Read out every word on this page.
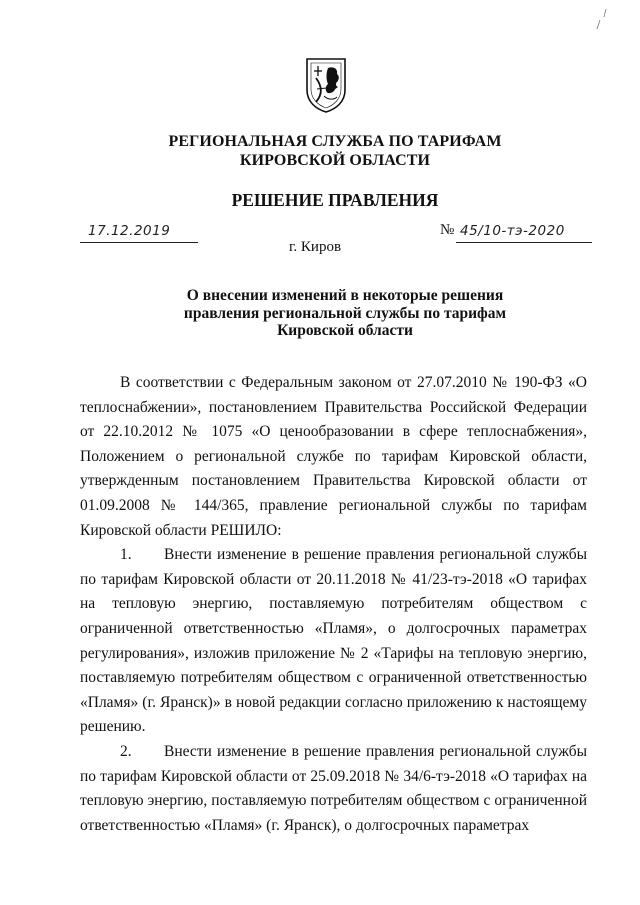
РЕГИОНАЛЬНАЯ СЛУЖБА ПО ТАРИФАМ
КИРОВСКОЙ ОБЛАСТИ
РЕШЕНИЕ ПРАВЛЕНИЯ
17.12.2019	№ 45/10-тэ-2020
г. Киров
О внесении изменений в некоторые решения
правления региональной службы по тарифам
Кировской области

В соответствии с Федеральным законом от 27.07.2010 № 190-ФЗ «О теплоснабжении», постановлением Правительства Российской Федерации от 22.10.2012 № 1075 «О ценообразовании в сфере теплоснабжения», Положением о региональной службе по тарифам Кировской области, утвержденным постановлением Правительства Кировской области от 01.09.2008 № 144/365, правление региональной службы по тарифам Кировской области РЕШИЛО:

1. Внести изменение в решение правления региональной службы по тарифам Кировской области от 20.11.2018 № 41/23-тэ-2018 «О тарифах на тепловую энергию, поставляемую потребителям обществом с ограниченной ответственностью «Пламя», о долгосрочных параметрах регулирования», изложив приложение № 2 «Тарифы на тепловую энергию, поставляемую потребителям обществом с ограниченной ответственностью «Пламя» (г. Яранск)» в новой редакции согласно приложению к настоящему решению.

2. Внести изменение в решение правления региональной службы по тарифам Кировской области от 25.09.2018 № 34/6-тэ-2018 «О тарифах на тепловую энергию, поставляемую потребителям обществом с ограниченной ответственностью «Пламя» (г. Яранск), о долгосрочных параметрах
